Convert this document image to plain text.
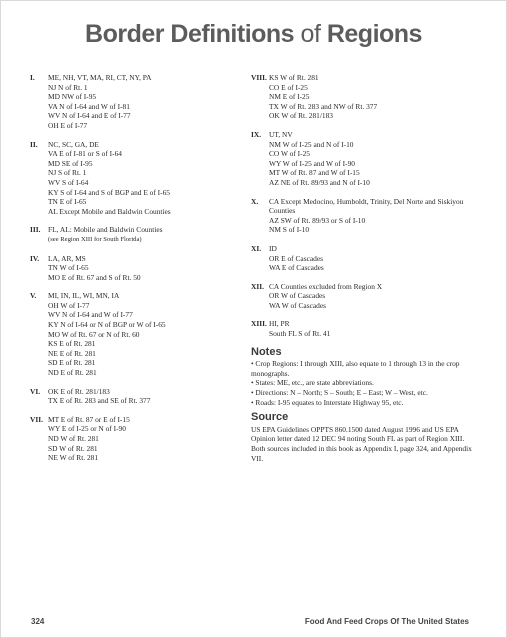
Border Definitions of Regions
I.	ME, NH, VT, MA, RI, CT, NY, PA
NJ N of Rt. 1
MD NW of I-95
VA N of I-64 and W of I-81
WV N of I-64 and E of I-77
OH E of I-77
II.	NC, SC, GA, DE
VA E of I-81 or S of I-64
MD SE of I-95
NJ S of Rt. 1
WV S of I-64
KY S of I-64 and S of BGP and E of I-65
TN E of I-65
AL Except Mobile and Baldwin Counties
III.	FL, AL: Mobile and Baldwin Counties
(see Region XIII for South Florida)
IV.	LA, AR, MS
TN W of I-65
MO E of Rt. 67 and S of Rt. 50
V.	MI, IN, IL, WI, MN, IA
OH W of I-77
WV N of I-64 and W of I-77
KY N of I-64 or N of BGP or W of I-65
MO W of Rt. 67 or N of Rt. 60
KS E of Rt. 281
NE E of Rt. 281
SD E of Rt. 281
ND E of Rt. 281
VI.	OK E of Rt. 281/183
TX E of Rt. 283 and SE of Rt. 377
VII. MT E of Rt. 87 or E of I-15
WY E of I-25 or N of I-90
ND W of Rt. 281
SD W of Rt. 281
NE W of Rt. 281
VIII. KS W of Rt. 281
CO E of I-25
NM E of I-25
TX W of Rt. 283 and NW of Rt. 377
OK W of Rt. 281/183
IX.	UT, NV
NM W of I-25 and N of I-10
CO W of I-25
WY W of I-25 and W of I-90
MT W of Rt. 87 and W of I-15
AZ NE of Rt. 89/93 and N of I-10
X.	CA Except Medocino, Humboldt, Trinity, Del Norte and Siskiyou Counties
AZ SW of Rt. 89/93 or S of I-10
NM S of I-10
XI.	ID
OR E of Cascades
WA E of Cascades
XII. CA Counties excluded from Region X
OR W of Cascades
WA W of Cascades
XIII. HI, PR
South FL S of Rt. 41
Notes

• Crop Regions: I through XIII, also equate to 1 through 13 in the crop monographs.

• States: ME, etc., are state abbreviations.

• Directions: N – North; S – South; E – East; W – West, etc.

• Roads: I-95 equates to Interstate Highway 95, etc.

Source

US EPA Guidelines OPPTS 860.1500 dated August 1996 and US EPA Opinion letter dated 12 DEC 94 noting South FL as part of Region XIII. Both sources included in this book as Appendix I, page 324, and Appendix VII.

324	Food And Feed Crops Of The United States
